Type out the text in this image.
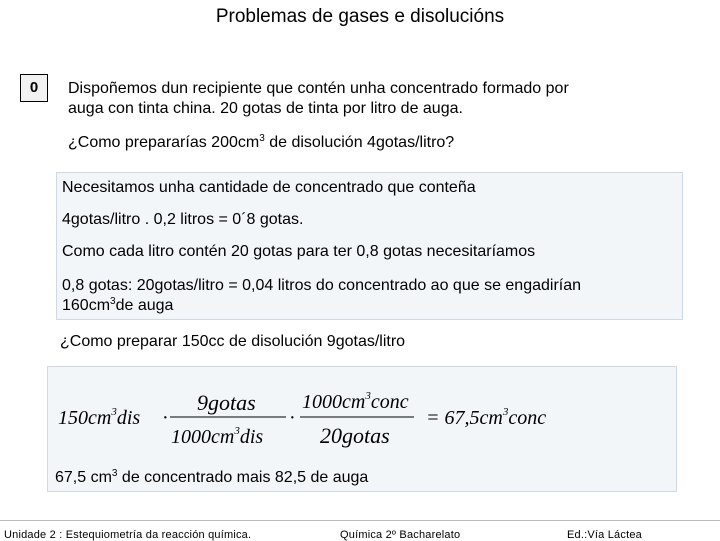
Problemas de gases e disolucións
0	Dispoñemos dun recipiente que contén unha concentrado formado por
auga con tinta china. 20 gotas de tinta por litro de auga.
¿Como prepararías $200cm^3$ de disolución 4gotas/litro?

Necesitamos unha cantidade de concentrado que conteña

4gotas/litro . 0,2 litros = 0´8 gotas.

Como cada litro contén 20 gotas para ter 0,8 gotas necesitaríamos

0,8 gotas: 20gotas/litro = 0,04 litros do concentrado ao que se engadirían

$160cm^3de$ auga

¿Como preparar 150cc de disolución 9gotas/litro
$150cm^3dis$ ·
9gotas
$1000cm^3dis$
·
$1000cm^3conc$
20gotas
= $67,5cm^3conc$
67,5 $cm^3$ de concentrado mais 82,5 de auga
Unidade 2 : Estequiometría da reacción química.	Química 2º Bacharelato	Ed.:Vía Láctea
